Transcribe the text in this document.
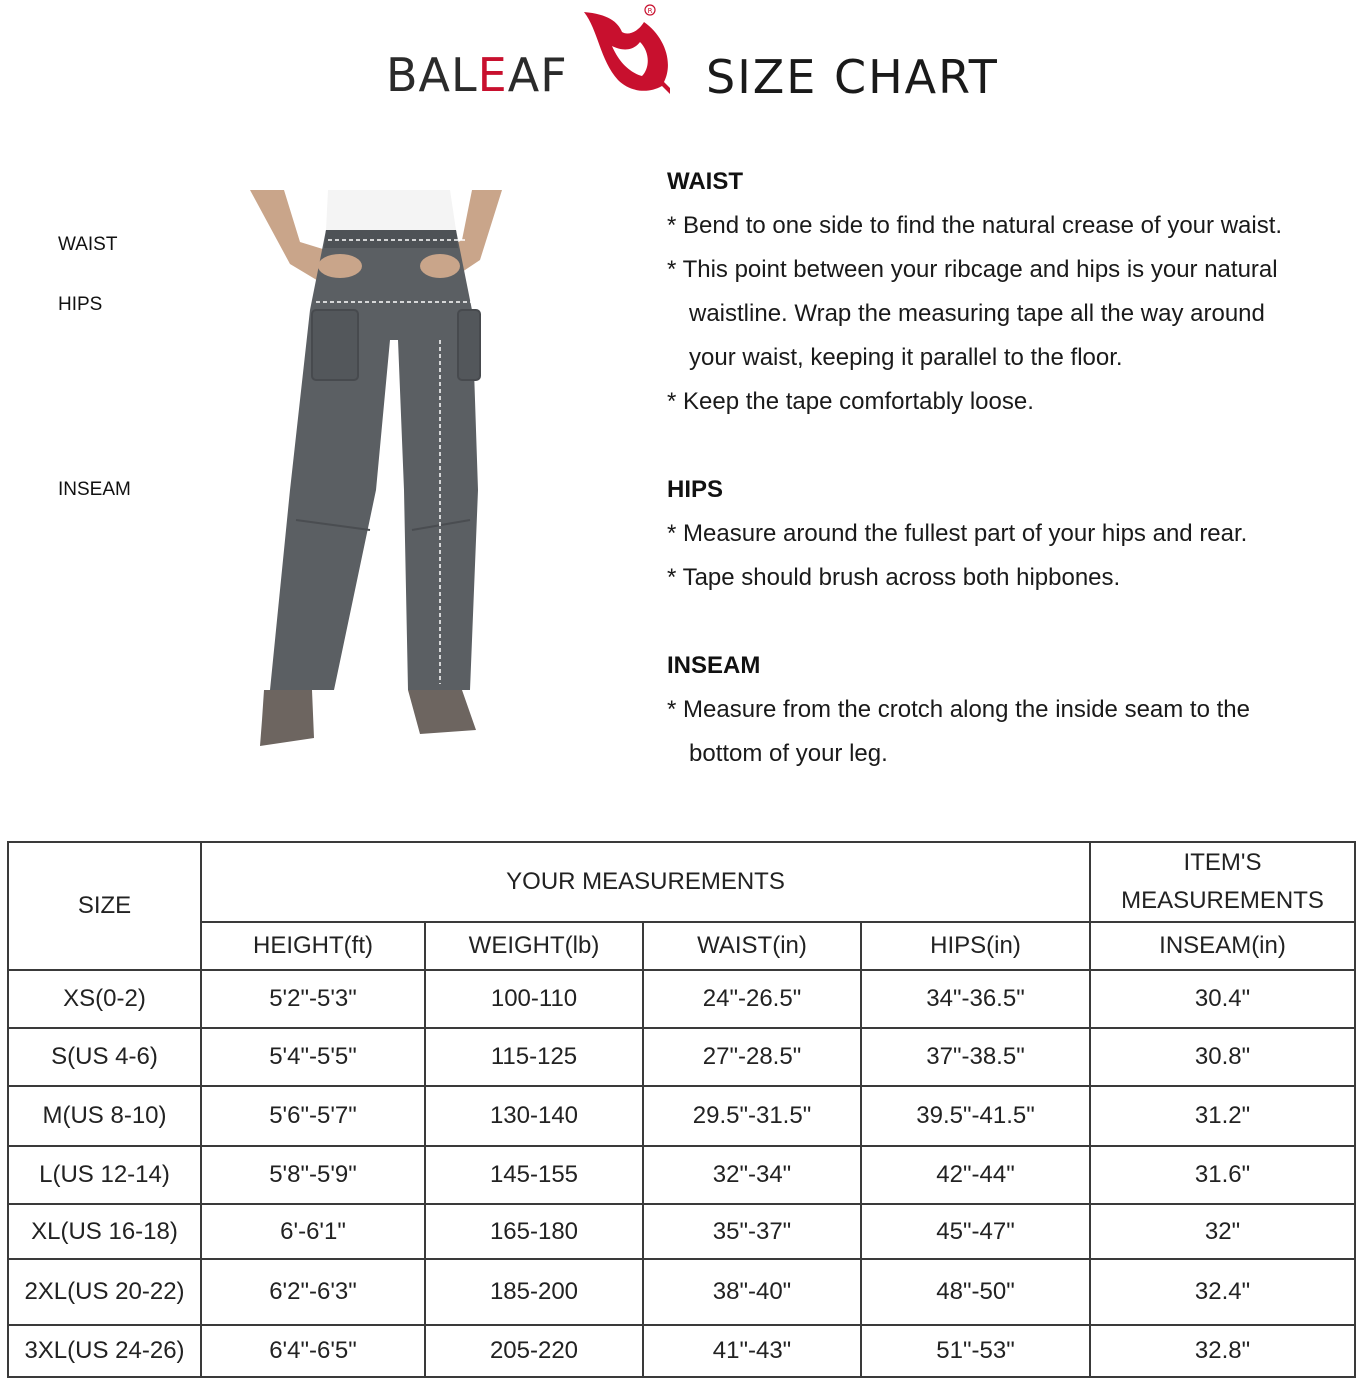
BALEAF
R
SIZE CHART
WAIST
HIPS
INSEAM
WAIST
* Bend to one side to find the natural crease of your waist.
* This point between your ribcage and hips is your natural
waistline. Wrap the measuring tape all the way around
your waist, keeping it parallel to the floor.
* Keep the tape comfortably loose.
HIPS
* Measure around the fullest part of your hips and rear.
* Tape should brush across both hipbones.
INSEAM
* Measure from the crotch along the inside seam to the
bottom of your leg.
SIZE	YOUR MEASUREMENTS				ITEM'S MEASUREMENTS
	HEIGHT(ft)	WEIGHT(lb)	WAIST(in)	HIPS(in)	INSEAM(in)
XS(0-2)	5'2"-5'3"	100-110	24"-26.5"	34"-36.5"	30.4"
S(US 4-6)	5'4"-5'5"	115-125	27"-28.5"	37"-38.5"	30.8"
M(US 8-10)	5'6"-5'7"	130-140	29.5"-31.5"	39.5"-41.5"	31.2"
L(US 12-14)	5'8"-5'9"	145-155	32"-34"	42"-44"	31.6"
XL(US 16-18)	6'-6'1"	165-180	35"-37"	45"-47"	32"
2XL(US 20-22)	6'2"-6'3"	185-200	38"-40"	48"-50"	32.4"
3XL(US 24-26)	6'4"-6'5"	205-220	41"-43"	51"-53"	32.8"
